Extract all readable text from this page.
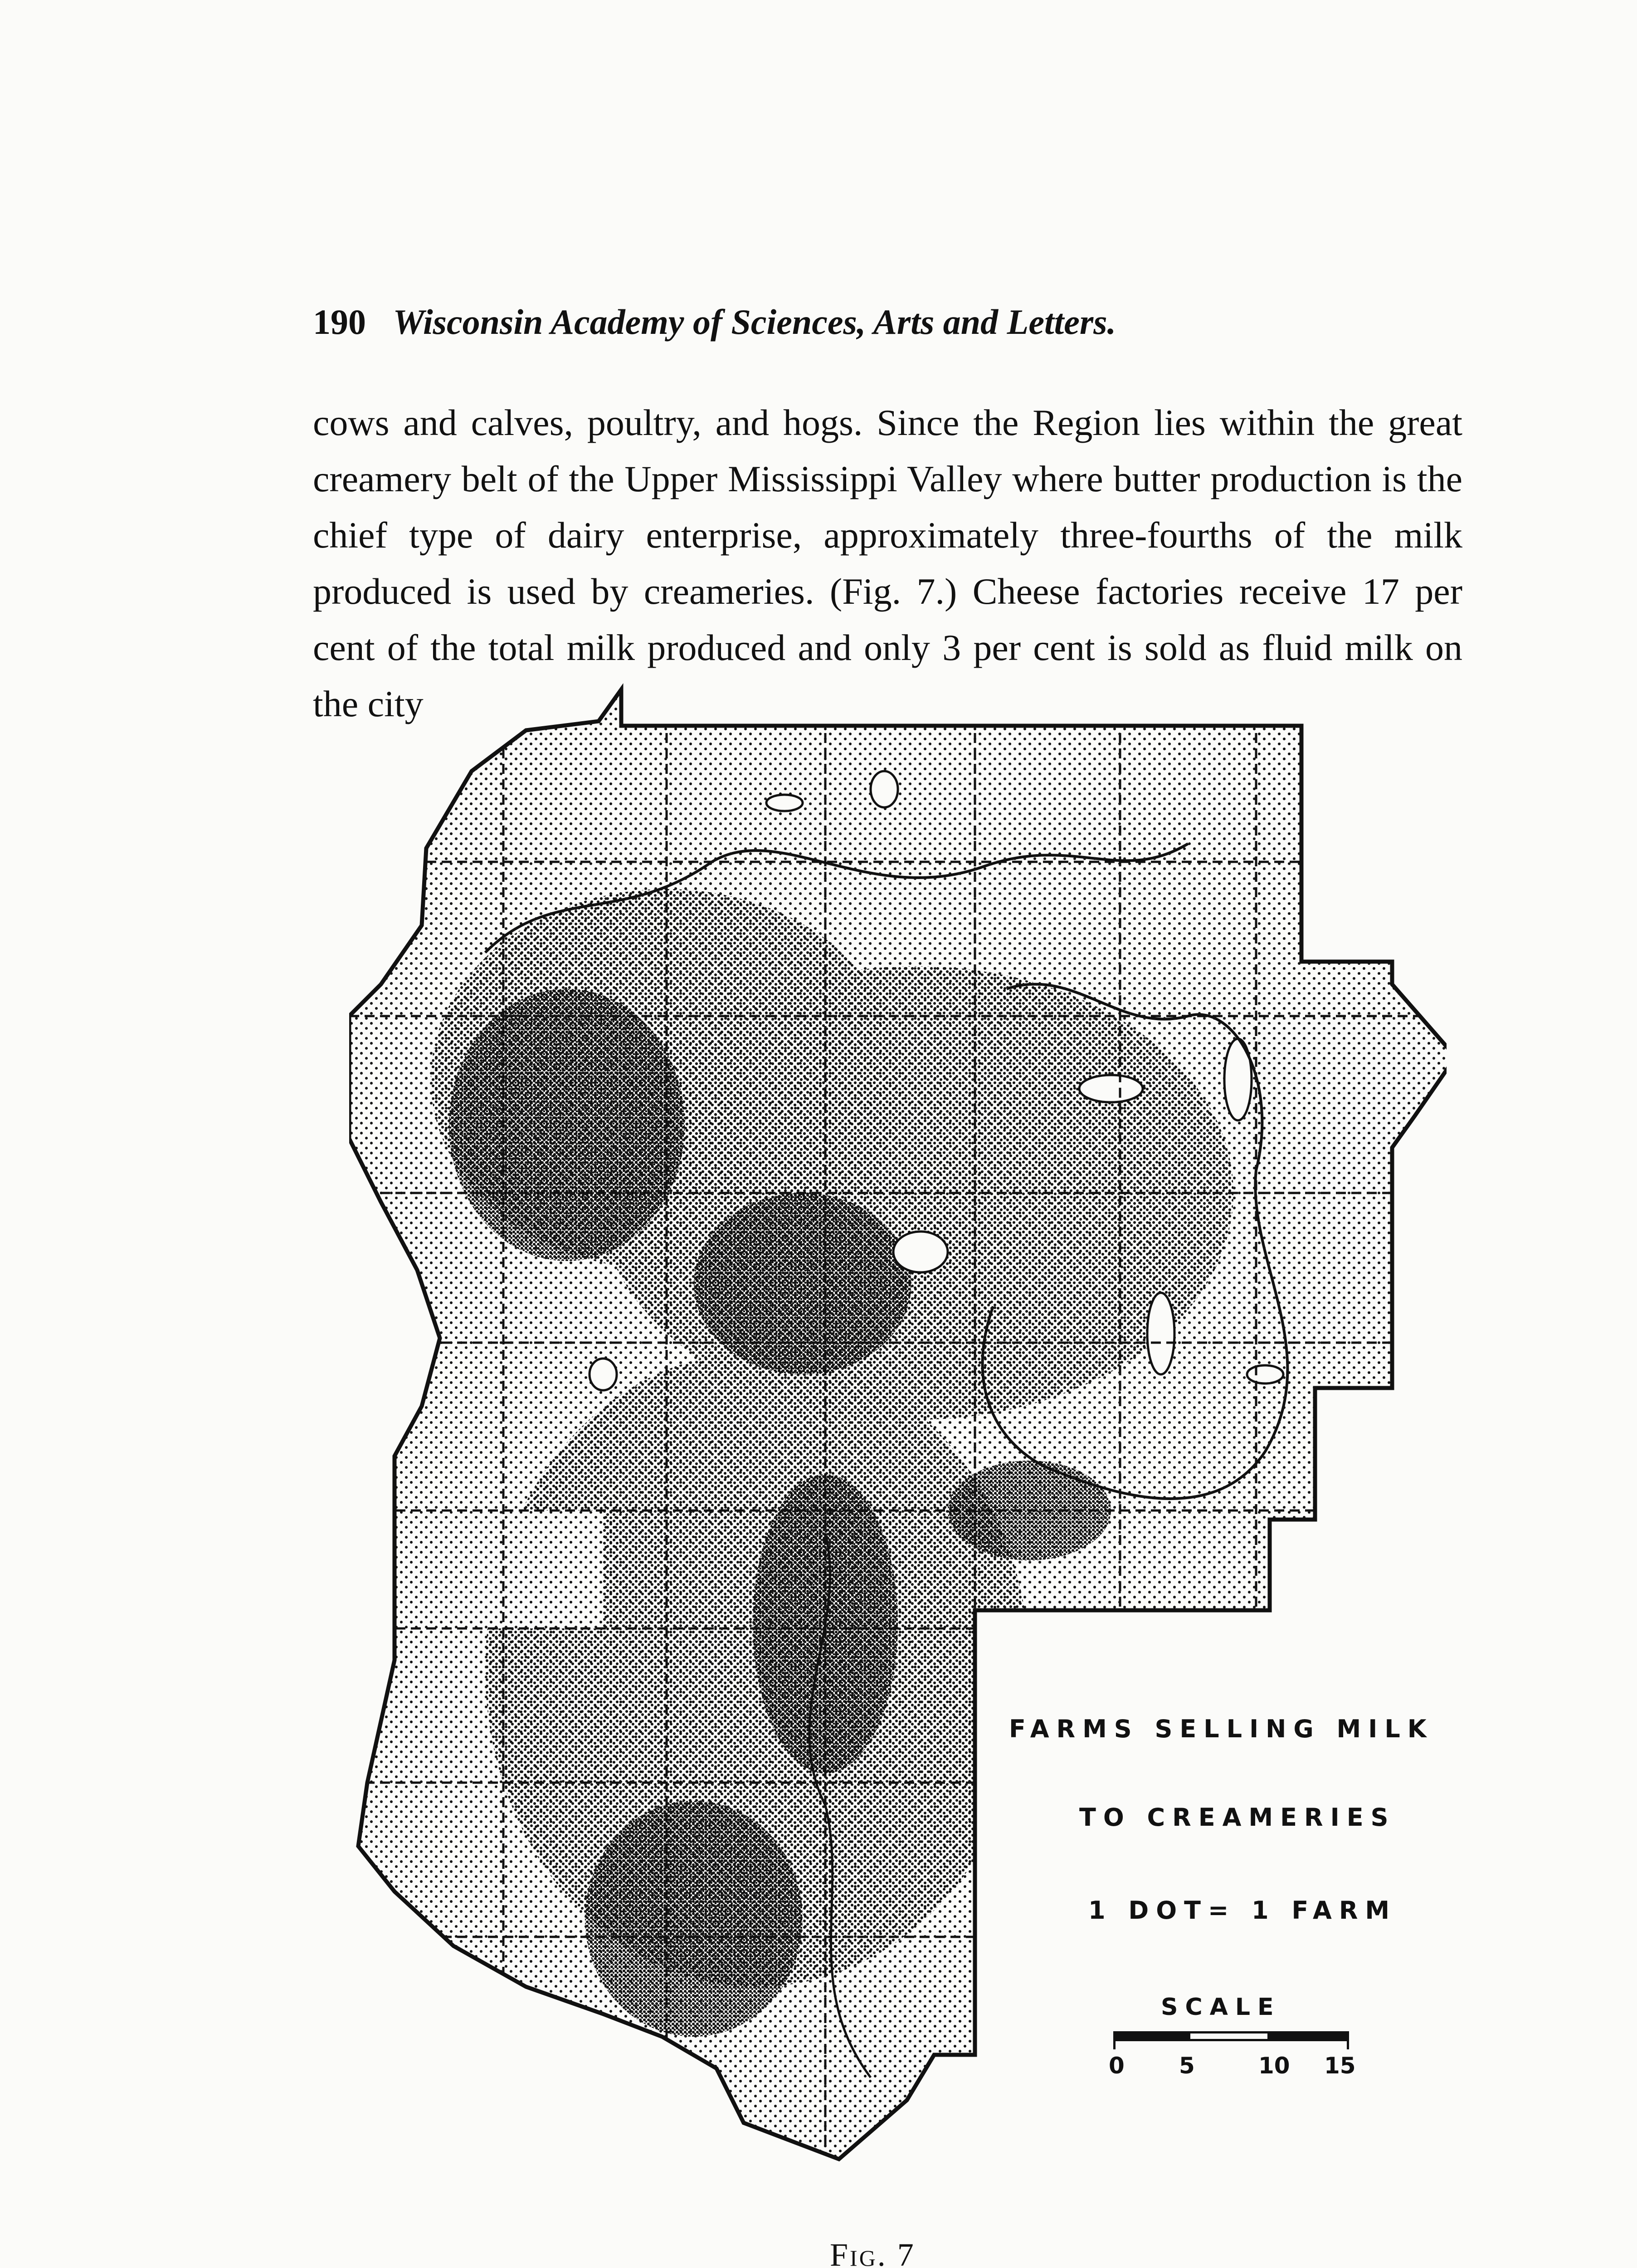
190 Wisconsin Academy of Sciences, Arts and Letters.
cows and calves, poultry, and hogs. Since the Region lies within the great creamery belt of the Upper Mississippi Valley where butter production is the chief type of dairy enterprise, approximately three-fourths of the milk produced is used by creameries. (Fig. 7.) Cheese factories receive 17 per cent of the total milk produced and only 3 per cent is sold as fluid milk on the city
FARMS SELLING MILK
TO CREAMERIES
1 DOT= 1 FARM
SCALE
0 5	10 15
Fig. 7
